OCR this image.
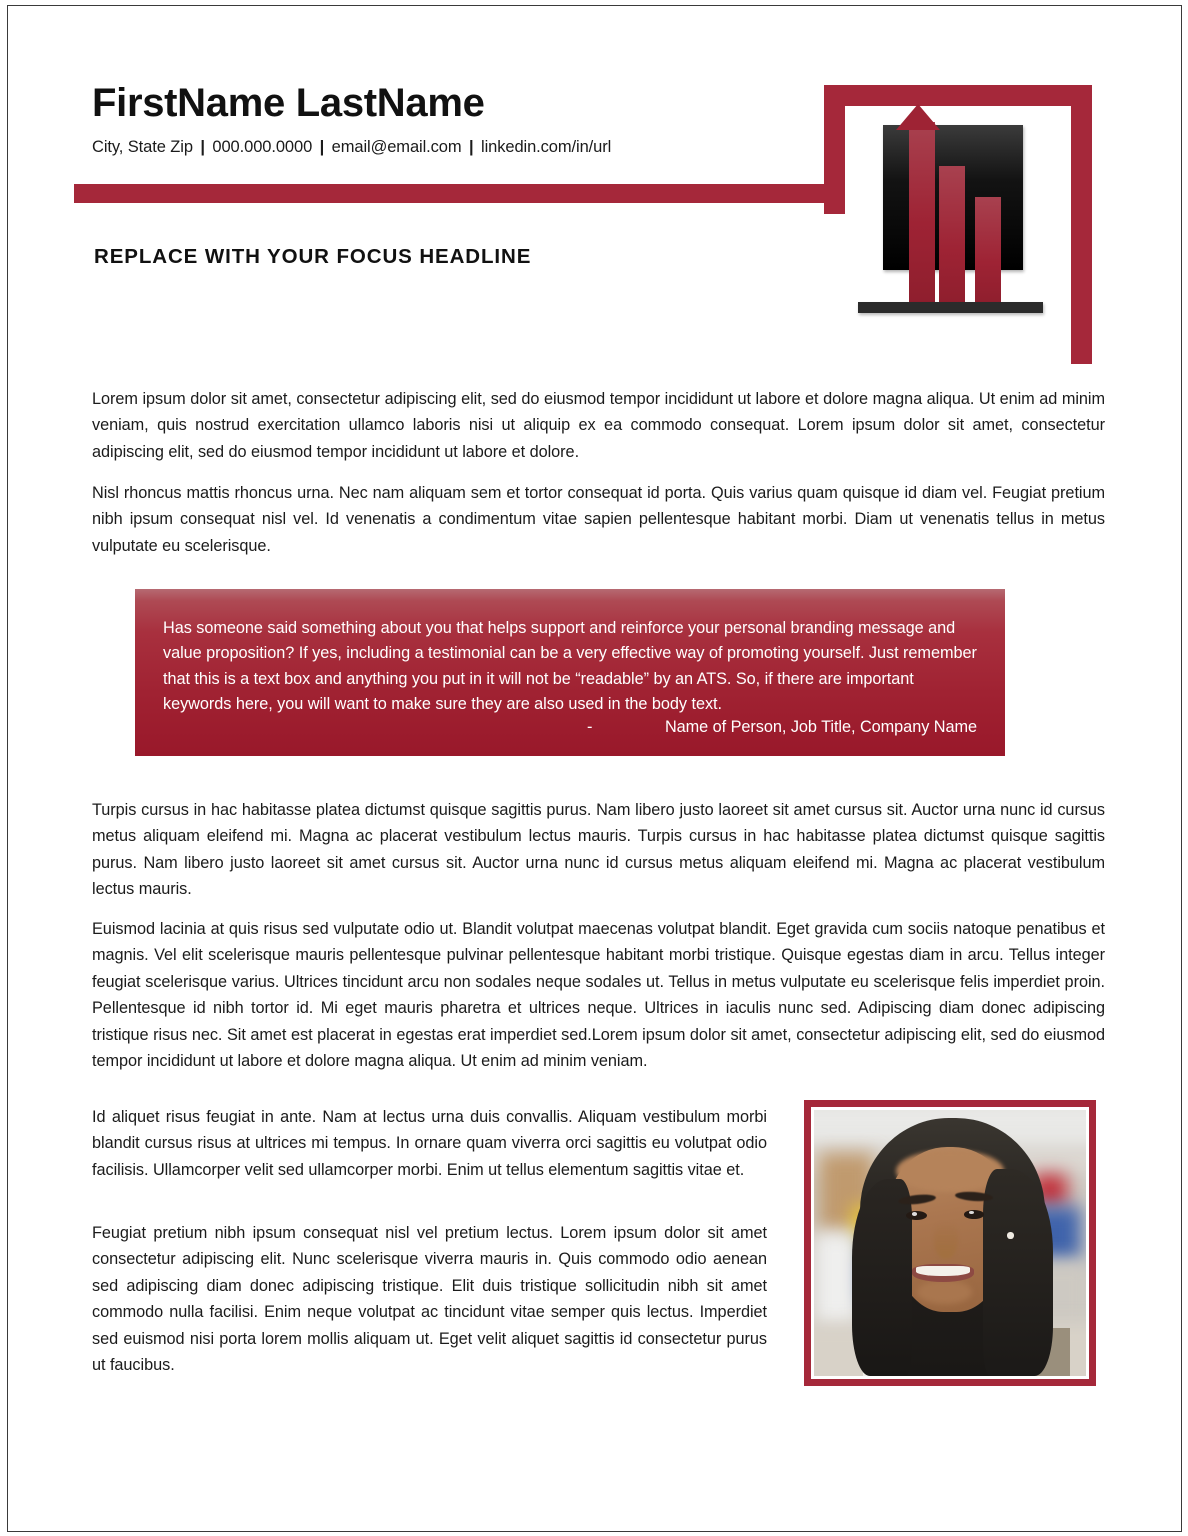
FirstName LastName
City, State Zip | 000.000.0000 | email@email.com | linkedin.com/in/url
REPLACE WITH YOUR FOCUS HEADLINE
Lorem ipsum dolor sit amet, consectetur adipiscing elit, sed do eiusmod tempor incididunt ut labore et dolore magna aliqua. Ut enim ad minim veniam, quis nostrud exercitation ullamco laboris nisi ut aliquip ex ea commodo consequat. Lorem ipsum dolor sit amet, consectetur adipiscing elit, sed do eiusmod tempor incididunt ut labore et dolore.
Nisl rhoncus mattis rhoncus urna. Nec nam aliquam sem et tortor consequat id porta. Quis varius quam quisque id diam vel. Feugiat pretium nibh ipsum consequat nisl vel. Id venenatis a condimentum vitae sapien pellentesque habitant morbi. Diam ut venenatis tellus in metus vulputate eu scelerisque.
Has someone said something about you that helps support and reinforce your personal branding message and value proposition? If yes, including a testimonial can be a very effective way of promoting yourself. Just remember that this is a text box and anything you put in it will not be “readable” by an ATS. So, if there are important keywords here, you will want to make sure they are also used in the body text.
-	Name of Person, Job Title, Company Name
Turpis cursus in hac habitasse platea dictumst quisque sagittis purus. Nam libero justo laoreet sit amet cursus sit. Auctor urna nunc id cursus metus aliquam eleifend mi. Magna ac placerat vestibulum lectus mauris. Turpis cursus in hac habitasse platea dictumst quisque sagittis purus. Nam libero justo laoreet sit amet cursus sit. Auctor urna nunc id cursus metus aliquam eleifend mi. Magna ac placerat vestibulum lectus mauris.
Euismod lacinia at quis risus sed vulputate odio ut. Blandit volutpat maecenas volutpat blandit. Eget gravida cum sociis natoque penatibus et magnis. Vel elit scelerisque mauris pellentesque pulvinar pellentesque habitant morbi tristique. Quisque egestas diam in arcu. Tellus integer feugiat scelerisque varius. Ultrices tincidunt arcu non sodales neque sodales ut. Tellus in metus vulputate eu scelerisque felis imperdiet proin. Pellentesque id nibh tortor id. Mi eget mauris pharetra et ultrices neque. Ultrices in iaculis nunc sed. Adipiscing diam donec adipiscing tristique risus nec. Sit amet est placerat in egestas erat imperdiet sed.Lorem ipsum dolor sit amet, consectetur adipiscing elit, sed do eiusmod tempor incididunt ut labore et dolore magna aliqua. Ut enim ad minim veniam.
Id aliquet risus feugiat in ante. Nam at lectus urna duis convallis. Aliquam vestibulum morbi blandit cursus risus at ultrices mi tempus. In ornare quam viverra orci sagittis eu volutpat odio facilisis. Ullamcorper velit sed ullamcorper morbi. Enim ut tellus elementum sagittis vitae et.
Feugiat pretium nibh ipsum consequat nisl vel pretium lectus. Lorem ipsum dolor sit amet consectetur adipiscing elit. Nunc scelerisque viverra mauris in. Quis commodo odio aenean sed adipiscing diam donec adipiscing tristique. Elit duis tristique sollicitudin nibh sit amet commodo nulla facilisi. Enim neque volutpat ac tincidunt vitae semper quis lectus. Imperdiet sed euismod nisi porta lorem mollis aliquam ut. Eget velit aliquet sagittis id consectetur purus ut faucibus.
